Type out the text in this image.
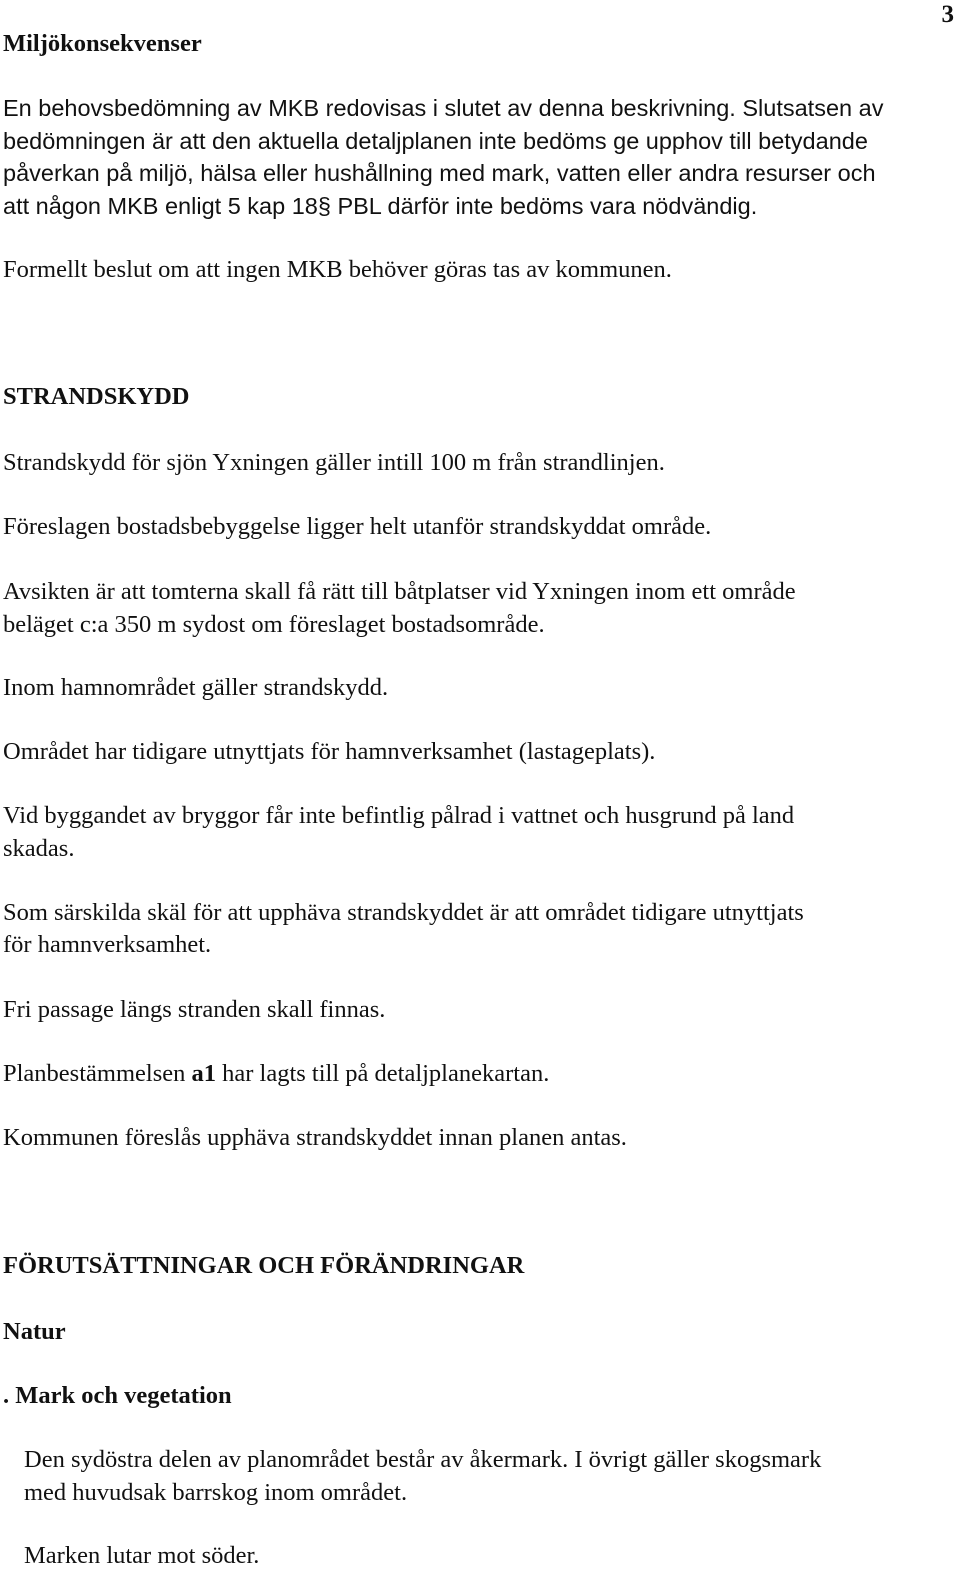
3
Miljökonsekvenser
En behovsbedömning av MKB redovisas i slutet av denna beskrivning. Slutsatsen av
bedömningen är att den aktuella detaljplanen inte bedöms ge upphov till betydande
påverkan på miljö, hälsa eller hushållning med mark, vatten eller andra resurser och
att någon MKB enligt 5 kap 18§ PBL därför inte bedöms vara nödvändig.
Formellt beslut om att ingen MKB behöver göras tas av kommunen.
STRANDSKYDD
Strandskydd för sjön Yxningen gäller intill 100 m från strandlinjen.
Föreslagen bostadsbebyggelse ligger helt utanför strandskyddat område.
Avsikten är att tomterna skall få rätt till båtplatser vid Yxningen inom ett område
beläget c:a 350 m sydost om föreslaget bostadsområde.
Inom hamnområdet gäller strandskydd.
Området har tidigare utnyttjats för hamnverksamhet (lastageplats).
Vid byggandet av bryggor får inte befintlig pålrad i vattnet och husgrund på land
skadas.
Som särskilda skäl för att upphäva strandskyddet är att området tidigare utnyttjats
för hamnverksamhet.
Fri passage längs stranden skall finnas.
Planbestämmelsen a1 har lagts till på detaljplanekartan.
Kommunen föreslås upphäva strandskyddet innan planen antas.
FÖRUTSÄTTNINGAR OCH FÖRÄNDRINGAR
Natur
. Mark och vegetation
Den sydöstra delen av planområdet består av åkermark. I övrigt gäller skogsmark
med huvudsak barrskog inom området.
Marken lutar mot söder.
